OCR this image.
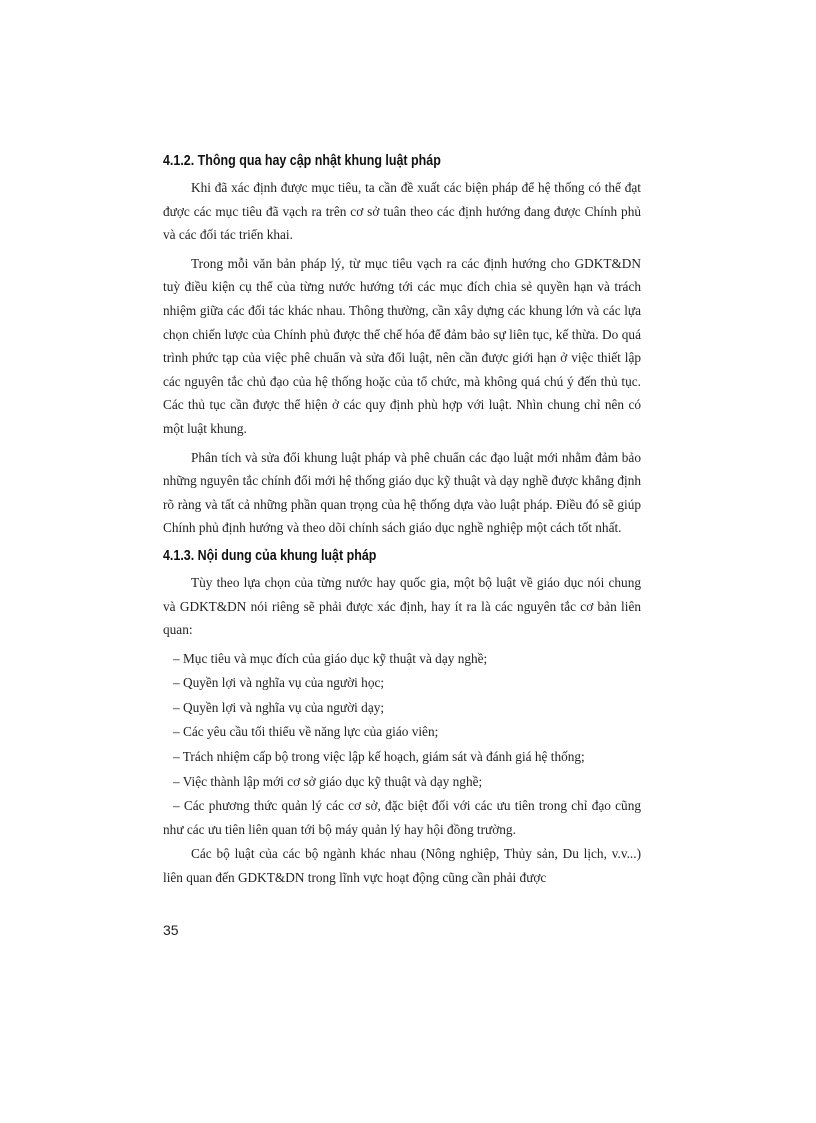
4.1.2. Thông qua hay cập nhật khung luật pháp

Khi đã xác định được mục tiêu, ta cần đề xuất các biện pháp để hệ thống có thể đạt được các mục tiêu đã vạch ra trên cơ sở tuân theo các định hướng đang được Chính phủ và các đối tác triển khai.

Trong mỗi văn bản pháp lý, từ mục tiêu vạch ra các định hướng cho GDKT&DN tuỳ điều kiện cụ thể của từng nước hướng tới các mục đích chia sẻ quyền hạn và trách nhiệm giữa các đối tác khác nhau. Thông thường, cần xây dựng các khung lớn và các lựa chọn chiến lược của Chính phủ được thể chế hóa để đảm bảo sự liên tục, kế thừa. Do quá trình phức tạp của việc phê chuẩn và sửa đổi luật, nên cần được giới hạn ở việc thiết lập các nguyên tắc chủ đạo của hệ thống hoặc của tổ chức, mà không quá chú ý đến thủ tục. Các thủ tục cần được thể hiện ở các quy định phù hợp với luật. Nhìn chung chỉ nên có một luật khung.

Phân tích và sửa đổi khung luật pháp và phê chuẩn các đạo luật mới nhằm đảm bảo những nguyên tắc chính đổi mới hệ thống giáo dục kỹ thuật và dạy nghề được khẳng định rõ ràng và tất cả những phần quan trọng của hệ thống dựa vào luật pháp. Điều đó sẽ giúp Chính phủ định hướng và theo dõi chính sách giáo dục nghề nghiệp một cách tốt nhất.

4.1.3. Nội dung của khung luật pháp

Tùy theo lựa chọn của từng nước hay quốc gia, một bộ luật về giáo dục nói chung và GDKT&DN nói riêng sẽ phải được xác định, hay ít ra là các nguyên tắc cơ bản liên quan:

– Mục tiêu và mục đích của giáo dục kỹ thuật và dạy nghề;

– Quyền lợi và nghĩa vụ của người học;

– Quyền lợi và nghĩa vụ của người dạy;

– Các yêu cầu tối thiểu về năng lực của giáo viên;

– Trách nhiệm cấp bộ trong việc lập kế hoạch, giám sát và đánh giá hệ thống;

– Việc thành lập mới cơ sở giáo dục kỹ thuật và dạy nghề;

– Các phương thức quản lý các cơ sở, đặc biệt đối với các ưu tiên trong chỉ đạo cũng như các ưu tiên liên quan tới bộ máy quản lý hay hội đồng trường.

Các bộ luật của các bộ ngành khác nhau (Nông nghiệp, Thủy sản, Du lịch, v.v...) liên quan đến GDKT&DN trong lĩnh vực hoạt động cũng cần phải được

35
